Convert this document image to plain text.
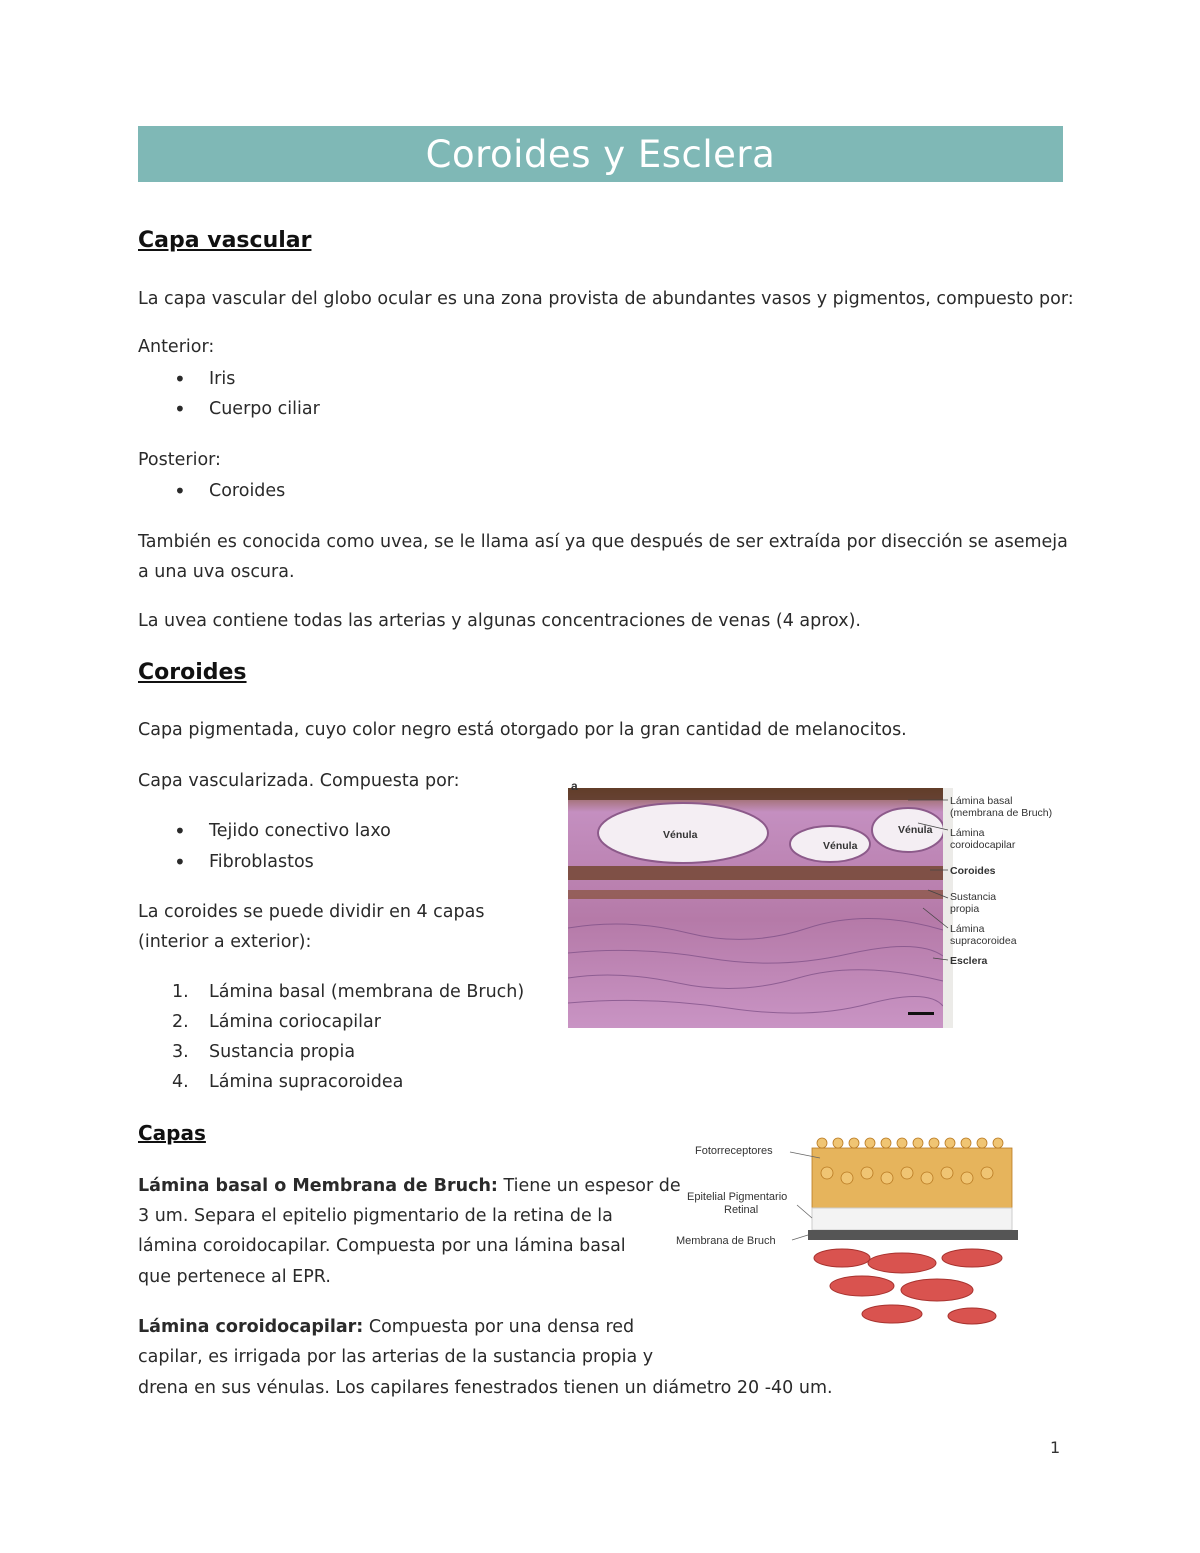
Coroides y Esclera
Capa vascular
La capa vascular del globo ocular es una zona provista de abundantes vasos y pigmentos, compuesto por:
Anterior:
• Iris
• Cuerpo ciliar
Posterior:
• Coroides
También es conocida como uvea, se le llama así ya que después de ser extraída por disección se asemeja
a una uva oscura.
La uvea contiene todas las arterias y algunas concentraciones de venas (4 aprox).
Coroides
Capa pigmentada, cuyo color negro está otorgado por la gran cantidad de melanocitos.
Capa vascularizada. Compuesta por:
• Tejido conectivo laxo
• Fibroblastos
La coroides se puede dividir en 4 capas
(interior a exterior):
1. Lámina basal (membrana de Bruch)
2. Lámina coriocapilar
3. Sustancia propia
4. Lámina supracoroidea
a
Vénula
Vénula
Vénula
Lámina basal
(membrana de Bruch)
Lámina
coroidocapilar
Coroides
Sustancia
propia
Lámina
supracoroidea
Esclera
Capas
Lámina basal o Membrana de Bruch: Tiene un espesor de
3 um. Separa el epitelio pigmentario de la retina de la
lámina coroidocapilar. Compuesta por una lámina basal
que pertenece al EPR.
Lámina coroidocapilar: Compuesta por una densa red
capilar, es irrigada por las arterias de la sustancia propia y
drena en sus vénulas. Los capilares fenestrados tienen un diámetro 20 -40 um.
Fotorreceptores
Epitelial Pigmentario
Retinal
Membrana de Bruch
1
